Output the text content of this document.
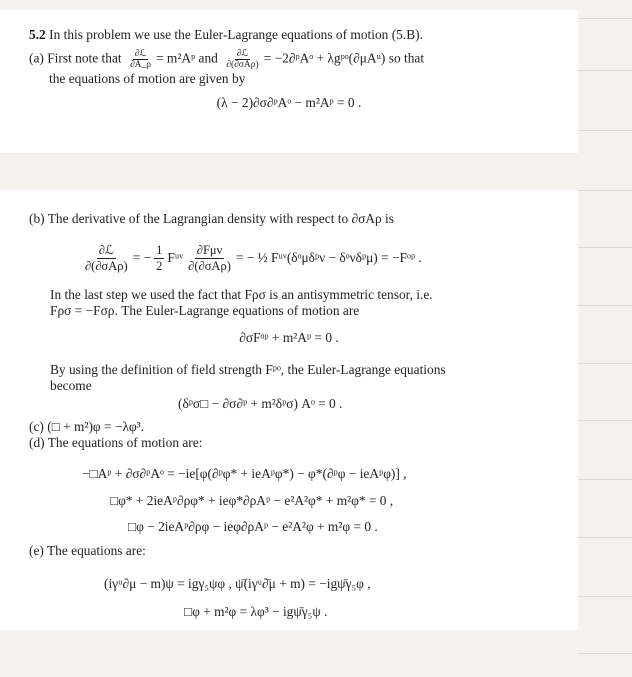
5.2 In this problem we use the Euler-Lagrange equations of motion (5.B).
(a) First note that $\frac{\text{∂ℒ}}{\partial A\_\rho}$ = m²Aᵖ and $\frac{\text{∂ℒ}}{\text{∂(∂σAρ)}}$ = −2∂ᵖAᵒ + λgᵖᵒ(∂μAᵘ) so that
the equations of motion are given by
(λ − 2)∂σ∂ᵖAᵒ − m²Aᵖ = 0 .
(b) The derivative of the Lagrangian density with respect to ∂σAρ is
$\frac{\text{∂ℒ}}{\text{∂(∂σAρ)}}$ = − $\frac{1}{2}$ Fᵘᵛ $\frac{\text{∂Fμν}}{\text{∂(∂σAρ)}}$ = − ½ Fᵘᵛ(δᵒμδᵖν − δᵒνδᵖμ) = −Fᵒᵖ .
In the last step we used the fact that Fρσ is an antisymmetric tensor, i.e.
Fρσ = −Fσρ. The Euler-Lagrange equations of motion are
∂σFᵒᵖ + m²Aᵖ = 0 .
By using the definition of field strength Fᵖᵒ, the Euler-Lagrange equations
become
(δᵖσ□ − ∂σ∂ᵖ + m²δᵖσ) Aᵒ = 0 .
(c) (□ + m²)φ = −λφ³.
(d) The equations of motion are:
−□Aᵖ + ∂σ∂ᵖAᵒ = −ie[φ(∂ᵖφ* + ieAᵖφ*) − φ*(∂ᵖφ − ieAᵖφ)] ,
□φ* + 2ieAᵖ∂ρφ* + ieφ*∂ρAᵖ − e²A²φ* + m²φ* = 0 ,
□φ − 2ieAᵖ∂ρφ − ieφ∂ρAᵖ − e²A²φ + m²φ = 0 .
(e) The equations are:
(iγᵘ∂μ − m)ψ = igγ₅ψφ , ψ̄(iγᵘ∂̄μ + m) = −igψ̄γ₅φ ,
□φ + m²φ = λφ³ − igψ̄γ₅ψ .
